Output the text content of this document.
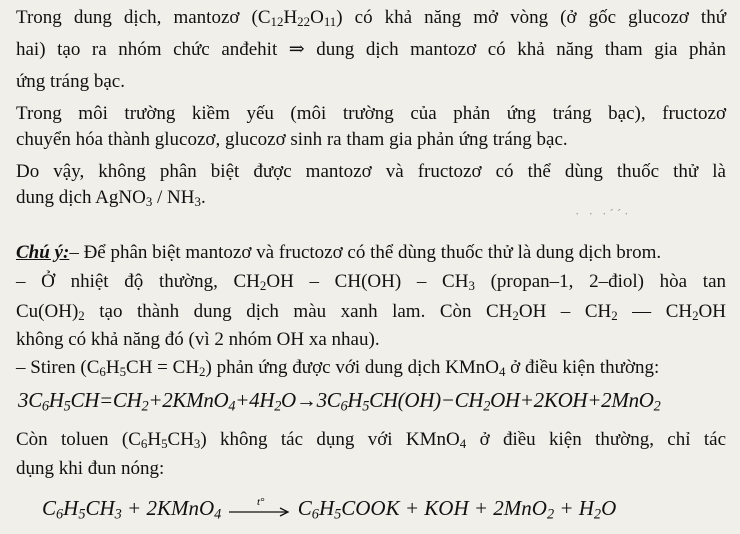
Trong dung dịch, mantozơ $(C_{12}H_{22}O_{11})$ có khả năng mở vòng (ở gốc glucozơ thứ
hai) tạo ra nhóm chức anđehit ⇒ dung dịch mantozơ có khả năng tham gia phản
ứng tráng bạc.
Trong môi trường kiềm yếu (môi trường của phản ứng tráng bạc), fructozơ
chuyển hóa thành glucozơ, glucozơ sinh ra tham gia phản ứng tráng bạc.
Do vậy, không phân biệt được mantozơ và fructozơ có thể dùng thuốc thử là
dung dịch AgNO$_3$ / $NH_3$.
· · ·´´·
Chú ý:– Để phân biệt mantozơ và fructozơ có thể dùng thuốc thử là dung dịch brom.
– Ở nhiệt độ thường, $CH_2OH - CH(OH) - CH_3$ (propan–1, 2–điol) hòa tan
$Cu(OH)_2$ tạo thành dung dịch màu xanh lam. Còn $CH_2OH - CH_2$ — $CH_2OH$
không có khả năng đó (vì 2 nhóm OH xa nhau).
– Stiren $(C_6H_5CH = CH_2)$ phản ứng được với dung dịch KMnO$_4$ ở điều kiện thường:
$3C_6H_5CH=CH_2+2KMnO_4+4H_2O\to 3C_6H_5CH(OH)-CH_2OH+2KOH+2MnO_2$
Còn toluen $(C_6H_5CH_3)$ không tác dụng với KMnO$_4$ ở điều kiện thường, chỉ tác
dụng khi đun nóng:
$C_6H_5CH_3$ + 2KMnO$_4$
t° $C_6H_5COOK$ + KOH + $2MnO_2 + H_2O$
